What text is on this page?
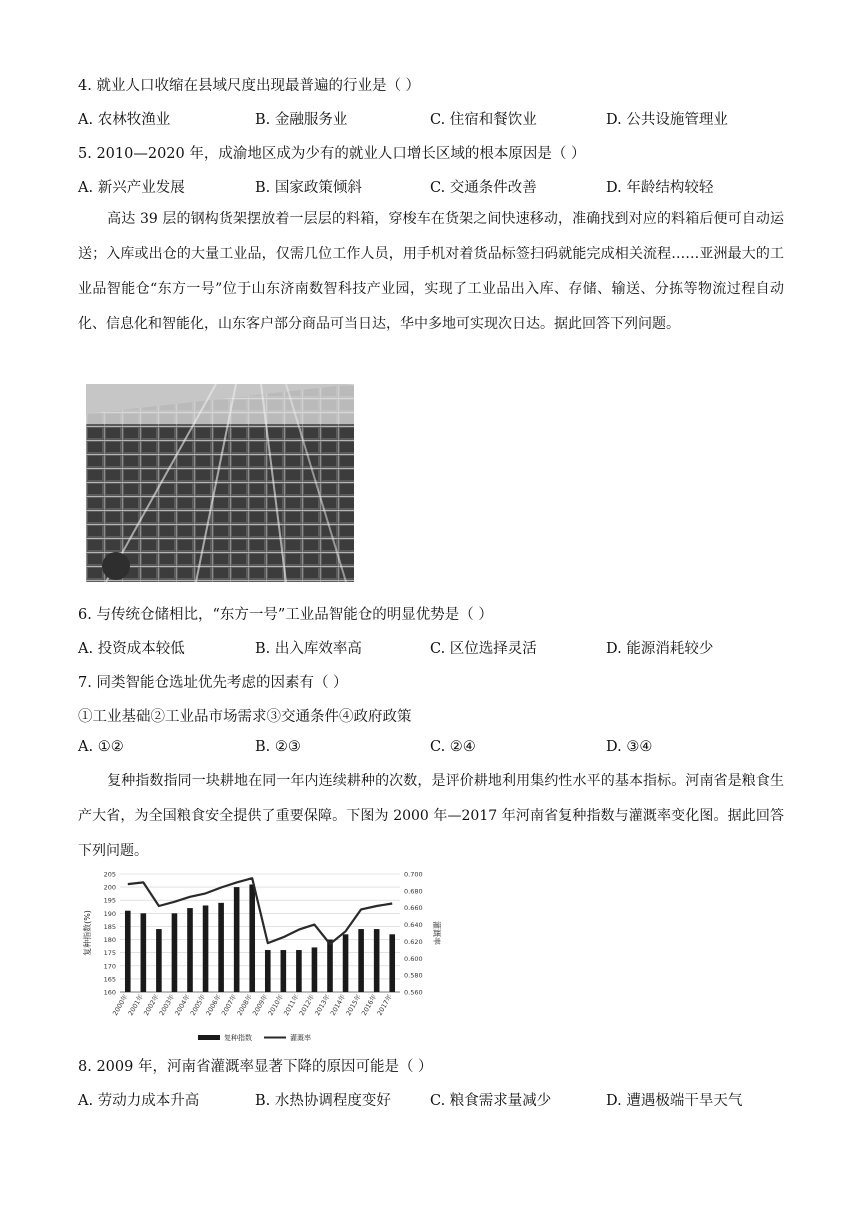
4. 就业人口收缩在县域尺度出现最普遍的行业是（ ）
A. 农林牧渔业	B. 金融服务业	C. 住宿和餐饮业	D. 公共设施管理业
5. 2010—2020 年，成渝地区成为少有的就业人口增长区域的根本原因是（ ）
A. 新兴产业发展	B. 国家政策倾斜	C. 交通条件改善	D. 年龄结构较轻
高达 39 层的钢构货架摆放着一层层的料箱，穿梭车在货架之间快速移动，准确找到对应的料箱后便可自动运送；入库或出仓的大量工业品，仅需几位工作人员，用手机对着货品标签扫码就能完成相关流程……亚洲最大的工业品智能仓“东方一号”位于山东济南数智科技产业园，实现了工业品出入库、存储、输送、分拣等物流过程自动化、信息化和智能化，山东客户部分商品可当日达，华中多地可实现次日达。据此回答下列问题。
6. 与传统仓储相比，“东方一号”工业品智能仓的明显优势是（ ）
A. 投资成本较低	B. 出入库效率高	C. 区位选择灵活	D. 能源消耗较少
7. 同类智能仓选址优先考虑的因素有（ ）
①工业基础②工业品市场需求③交通条件④政府政策
A. ①②	B. ②③	C. ②④	D. ③④
复种指数指同一块耕地在同一年内连续耕种的次数，是评价耕地利用集约性水平的基本指标。河南省是粮食生产大省，为全国粮食安全提供了重要保障。下图为 2000 年—2017 年河南省复种指数与灌溉率变化图。据此回答下列问题。
160
165
170
175
180
185
190
195
200
205
0.560
0.580
0.600
0.620
0.640
0.660
0.680
0.700
复种指数(%)	灌溉率
2000年
2001年
2002年
2003年
2004年
2005年
2006年
2007年
2008年
2009年
2010年
2011年
2012年
2013年
2014年
2015年
2016年
2017年
复种指数	灌溉率
8. 2009 年，河南省灌溉率显著下降的原因可能是（ ）
A. 劳动力成本升高	B. 水热协调程度变好	C. 粮食需求量减少	D. 遭遇极端干旱天气
